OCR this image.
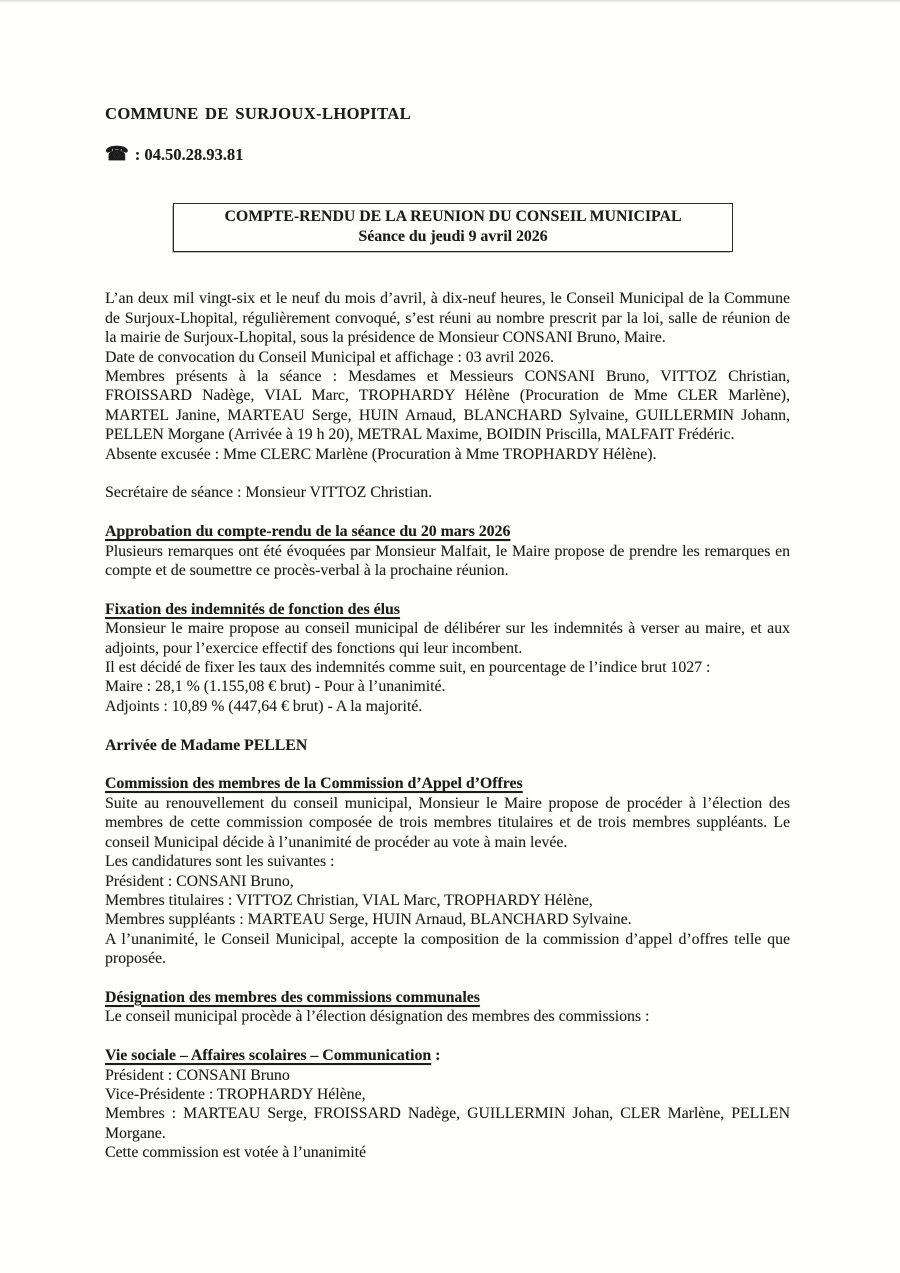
COMMUNE DE SURJOUX-LHOPITAL

☎ : 04.50.28.93.81

COMPTE-RENDU DE LA REUNION DU CONSEIL MUNICIPAL
Séance du jeudi 9 avril 2026

L’an deux mil vingt-six et le neuf du mois d’avril, à dix-neuf heures, le Conseil Municipal de la Commune de Surjoux-Lhopital, régulièrement convoqué, s’est réuni au nombre prescrit par la loi, salle de réunion de la mairie de Surjoux-Lhopital, sous la présidence de Monsieur CONSANI Bruno, Maire.

Date de convocation du Conseil Municipal et affichage : 03 avril 2026.

Membres présents à la séance : Mesdames et Messieurs CONSANI Bruno, VITTOZ Christian, FROISSARD Nadège, VIAL Marc, TROPHARDY Hélène (Procuration de Mme CLER Marlène), MARTEL Janine, MARTEAU Serge, HUIN Arnaud, BLANCHARD Sylvaine, GUILLERMIN Johann, PELLEN Morgane (Arrivée à 19 h 20), METRAL Maxime, BOIDIN Priscilla, MALFAIT Frédéric.

Absente excusée : Mme CLERC Marlène (Procuration à Mme TROPHARDY Hélène).

Secrétaire de séance : Monsieur VITTOZ Christian.

Approbation du compte-rendu de la séance du 20 mars 2026

Plusieurs remarques ont été évoquées par Monsieur Malfait, le Maire propose de prendre les remarques en compte et de soumettre ce procès-verbal à la prochaine réunion.

Fixation des indemnités de fonction des élus

Monsieur le maire propose au conseil municipal de délibérer sur les indemnités à verser au maire, et aux adjoints, pour l’exercice effectif des fonctions qui leur incombent.

Il est décidé de fixer les taux des indemnités comme suit, en pourcentage de l’indice brut 1027 :

Maire : 28,1 % (1.155,08 € brut) - Pour à l’unanimité.

Adjoints : 10,89 % (447,64 € brut) - A la majorité.

Arrivée de Madame PELLEN

Commission des membres de la Commission d’Appel d’Offres

Suite au renouvellement du conseil municipal, Monsieur le Maire propose de procéder à l’élection des membres de cette commission composée de trois membres titulaires et de trois membres suppléants. Le conseil Municipal décide à l’unanimité de procéder au vote à main levée.

Les candidatures sont les suivantes :

Président : CONSANI Bruno,

Membres titulaires : VITTOZ Christian, VIAL Marc, TROPHARDY Hélène,

Membres suppléants : MARTEAU Serge, HUIN Arnaud, BLANCHARD Sylvaine.

A l’unanimité, le Conseil Municipal, accepte la composition de la commission d’appel d’offres telle que proposée.

Désignation des membres des commissions communales

Le conseil municipal procède à l’élection désignation des membres des commissions :

Vie sociale – Affaires scolaires – Communication :

Président : CONSANI Bruno

Vice-Présidente : TROPHARDY Hélène,

Membres : MARTEAU Serge, FROISSARD Nadège, GUILLERMIN Johan, CLER Marlène, PELLEN Morgane.

Cette commission est votée à l’unanimité
